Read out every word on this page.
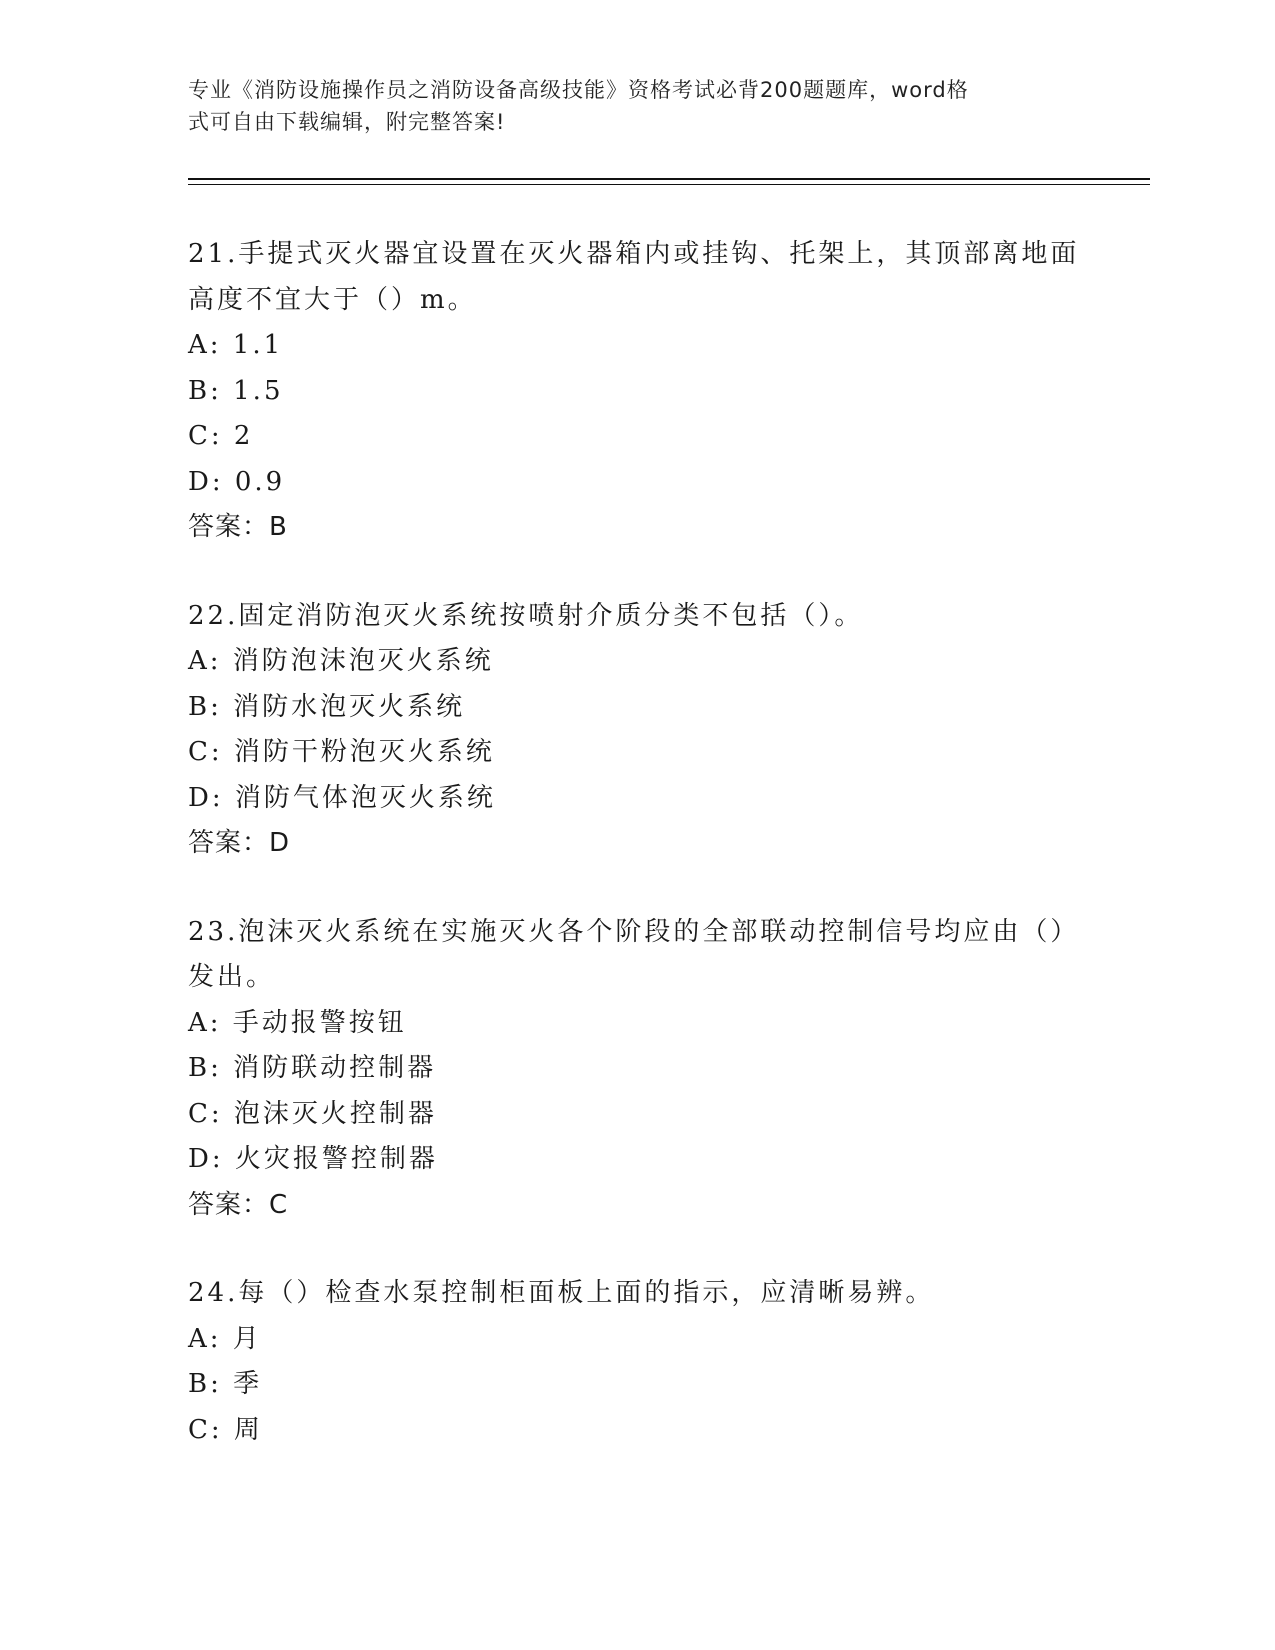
专业《消防设施操作员之消防设备高级技能》资格考试必背200题题库，word格
式可自由下载编辑，附完整答案!
21.手提式灭火器宜设置在灭火器箱内或挂钩、托架上，其顶部离地面
高度不宜大于（）m。
A: 1.1
B: 1.5
C: 2
D: 0.9
答案：B
22.固定消防泡灭火系统按喷射介质分类不包括（）。
A: 消防泡沫泡灭火系统
B: 消防水泡灭火系统
C: 消防干粉泡灭火系统
D: 消防气体泡灭火系统
答案：D
23.泡沫灭火系统在实施灭火各个阶段的全部联动控制信号均应由（）
发出。
A: 手动报警按钮
B: 消防联动控制器
C: 泡沫灭火控制器
D: 火灾报警控制器
答案：C
24.每（）检查水泵控制柜面板上面的指示，应清晰易辨。
A: 月
B: 季
C: 周
